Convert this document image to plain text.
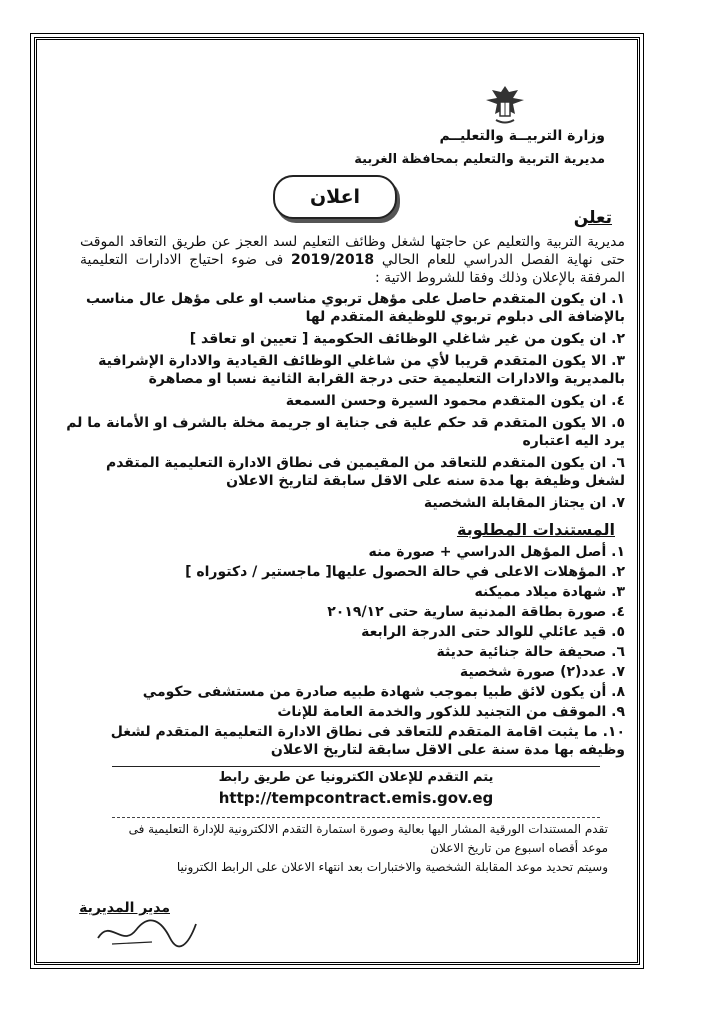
وزارة التربيــة والتعليــم
مديرية التربية والتعليم بمحافظة الغربية
اعلان
تعلن
مديرية التربية والتعليم عن حاجتها لشغل وظائف التعليم لسد العجز عن طريق التعاقد الموقت حتى نهاية الفصل الدراسي للعام الحالي 2019/2018 فى ضوء احتياج الادارات التعليمية المرفقة بالإعلان وذلك وفقا للشروط الاتية :
١. ان يكون المتقدم حاصل على مؤهل تربوي مناسب او على مؤهل عال مناسب بالإضافة الى دبلوم تربوي للوظيفة المتقدم لها
٢. ان يكون من غير شاغلي الوظائف الحكومية [ تعيين او تعاقد ]
٣. الا يكون المتقدم قريبا لأي من شاغلي الوظائف القيادية والادارة الإشرافية بالمديرية والادارات التعليمية حتى درجة القرابة الثانية نسبا او مصاهرة
٤. ان يكون المتقدم محمود السيرة وحسن السمعة
٥. الا يكون المتقدم قد حكم علية فى جناية او جريمة مخلة بالشرف او الأمانة ما لم يرد اليه اعتباره
٦. ان يكون المتقدم للتعاقد من المقيمين فى نطاق الادارة التعليمية المتقدم لشغل وظيفة بها مدة سنه على الاقل سابقة لتاريخ الاعلان
٧. ان يجتاز المقابلة الشخصية
المستندات المطلوبة
١. أصل المؤهل الدراسي + صورة منه
٢. المؤهلات الاعلى في حالة الحصول عليها[ ماجستير / دكتوراه ]
٣. شهادة ميلاد مميكنه
٤. صورة بطاقة المدنية سارية حتى ٢٠١٩/١٢
٥. قيد عائلي للوالد حتى الدرجة الرابعة
٦. صحيفة حالة جنائية حديثة
٧. عدد(٢) صورة شخصية
٨. أن يكون لائق طبيا بموجب شهادة طبيه صادرة من مستشفى حكومي
٩. الموقف من التجنيد للذكور والخدمة العامة للإناث
١٠. ما يثبت اقامة المتقدم للتعاقد فى نطاق الادارة التعليمية المتقدم لشغل وظيفه بها مدة سنة على الاقل سابقة لتاريخ الاعلان
يتم التقدم للإعلان الكترونيا عن طريق رابط
http://tempcontract.emis.gov.eg
تقدم المستندات الورقية المشار اليها بعالية وصورة استمارة التقدم الالكترونية للإدارة التعليمية فى موعد أقصاه اسبوع من تاريخ الاعلان
وسيتم تحديد موعد المقابلة الشخصية والاختبارات بعد انتهاء الاعلان على الرابط الكترونيا
مدير المديرية
